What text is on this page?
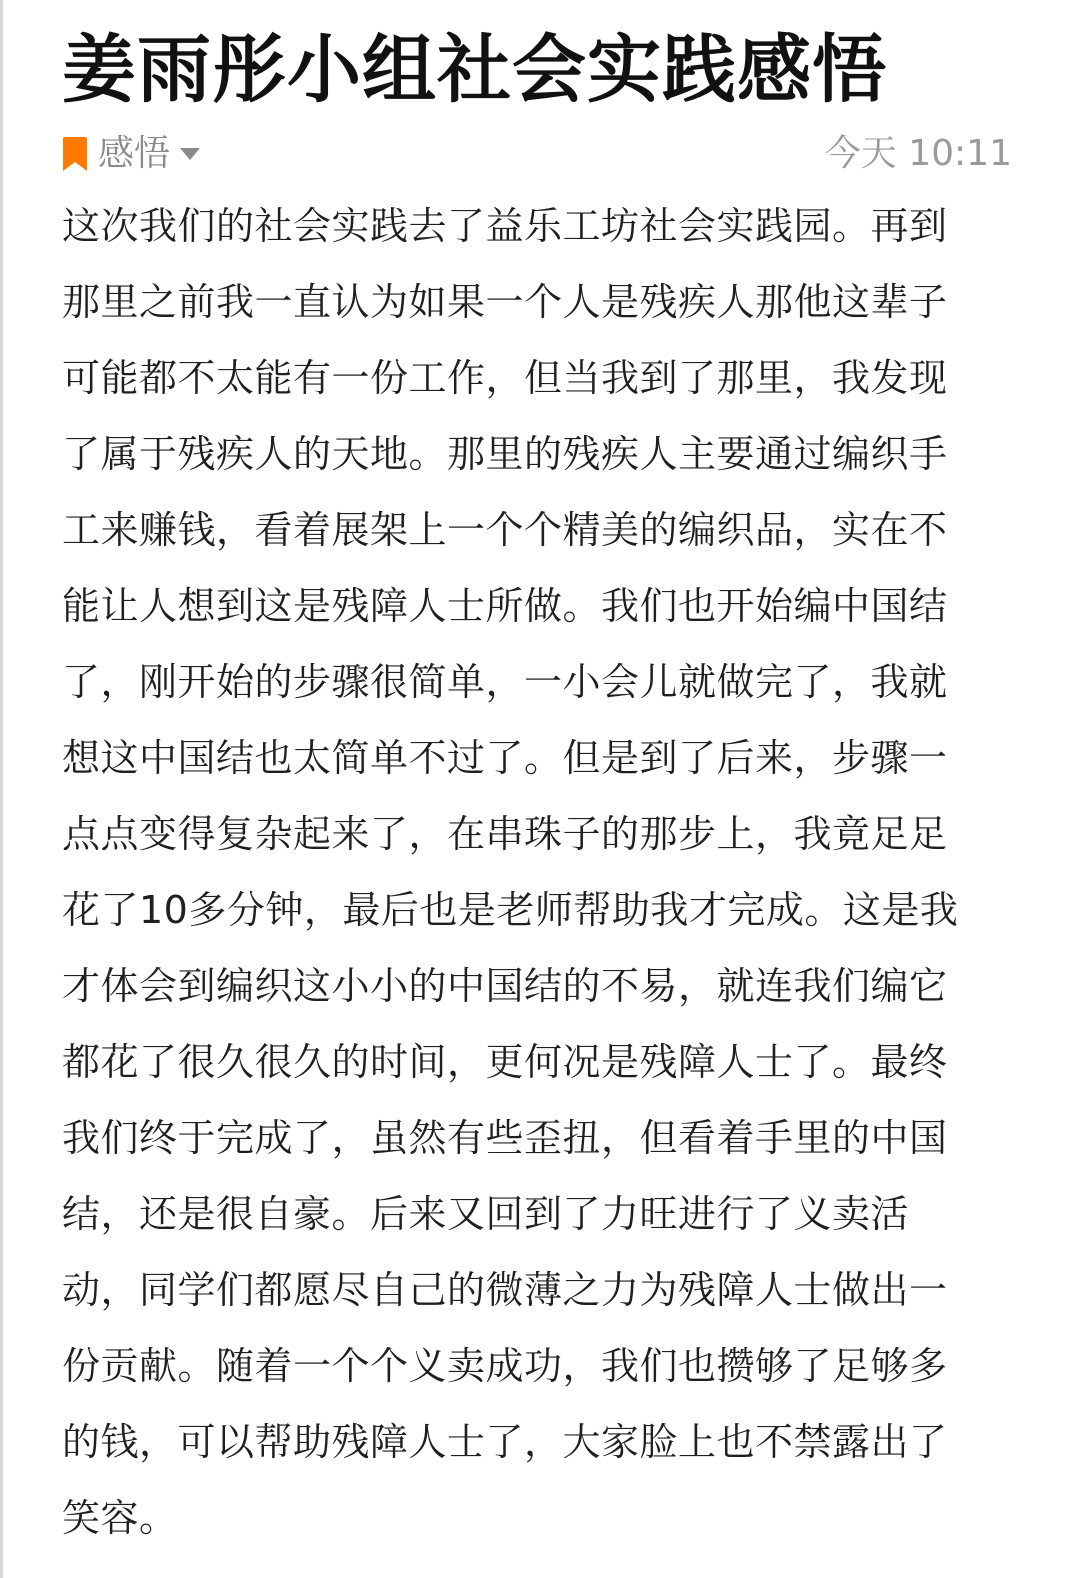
姜雨彤小组社会实践感悟
感悟	今天 10:11
这次我们的社会实践去了益乐工坊社会实践园。再到
那里之前我一直认为如果一个人是残疾人那他这辈子
可能都不太能有一份工作，但当我到了那里，我发现
了属于残疾人的天地。那里的残疾人主要通过编织手
工来赚钱，看着展架上一个个精美的编织品，实在不
能让人想到这是残障人士所做。我们也开始编中国结
了，刚开始的步骤很简单，一小会儿就做完了，我就
想这中国结也太简单不过了。但是到了后来，步骤一
点点变得复杂起来了，在串珠子的那步上，我竟足足
花了10多分钟，最后也是老师帮助我才完成。这是我
才体会到编织这小小的中国结的不易，就连我们编它
都花了很久很久的时间，更何况是残障人士了。最终
我们终于完成了，虽然有些歪扭，但看着手里的中国
结，还是很自豪。后来又回到了力旺进行了义卖活
动，同学们都愿尽自己的微薄之力为残障人士做出一
份贡献。随着一个个义卖成功，我们也攒够了足够多
的钱，可以帮助残障人士了，大家脸上也不禁露出了
笑容。
